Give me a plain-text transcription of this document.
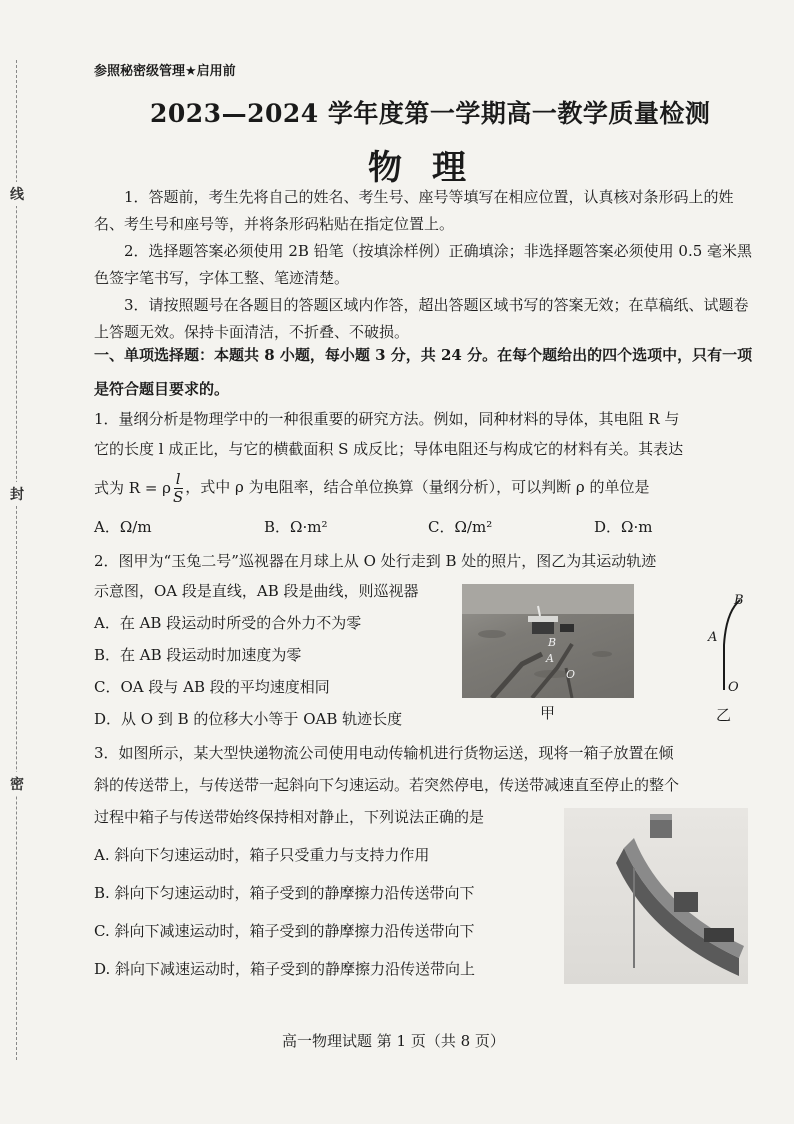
线
封
密
参照秘密级管理★启用前
2023—2024 学年度第一学期高一教学质量检测
物理
1．答题前，考生先将自己的姓名、考生号、座号等填写在相应位置，认真核对条形码上的姓名、考生号和座号等，并将条形码粘贴在指定位置上。
2．选择题答案必须使用 2B 铅笔（按填涂样例）正确填涂；非选择题答案必须使用 0.5 毫米黑色签字笔书写，字体工整、笔迹清楚。
3．请按照题号在各题目的答题区域内作答，超出答题区域书写的答案无效；在草稿纸、试题卷上答题无效。保持卡面清洁，不折叠、不破损。
一、单项选择题：本题共 8 小题，每小题 3 分，共 24 分。在每个题给出的四个选项中，只有一项是符合题目要求的。
1．量纲分析是物理学中的一种很重要的研究方法。例如，同种材料的导体，其电阻 R 与
它的长度 l 成正比，与它的横截面积 S 成反比；导体电阻还与构成它的材料有关。其表达
式为 R = ρ $\frac{l}{S}$ ，式中 ρ 为电阻率，结合单位换算（量纲分析），可以判断 ρ 的单位是
A．Ω/m	B．Ω·m²	C．Ω/m²	D．Ω·m
2．图甲为“玉兔二号”巡视器在月球上从 O 处行走到 B 处的照片，图乙为其运动轨迹
示意图，OA 段是直线，AB 段是曲线，则巡视器
A．在 AB 段运动时所受的合外力不为零
B．在 AB 段运动时加速度为零
C．OA 段与 AB 段的平均速度相同
D．从 O 到 B 的位移大小等于 OAB 轨迹长度
B
A
O
甲
B
A
O
乙
3．如图所示，某大型快递物流公司使用电动传输机进行货物运送，现将一箱子放置在倾
斜的传送带上，与传送带一起斜向下匀速运动。若突然停电，传送带减速直至停止的整个
过程中箱子与传送带始终保持相对静止，下列说法正确的是
A. 斜向下匀速运动时，箱子只受重力与支持力作用
B. 斜向下匀速运动时，箱子受到的静摩擦力沿传送带向下
C. 斜向下减速运动时，箱子受到的静摩擦力沿传送带向下
D. 斜向下减速运动时，箱子受到的静摩擦力沿传送带向上
高一物理试题 第 1 页（共 8 页）
